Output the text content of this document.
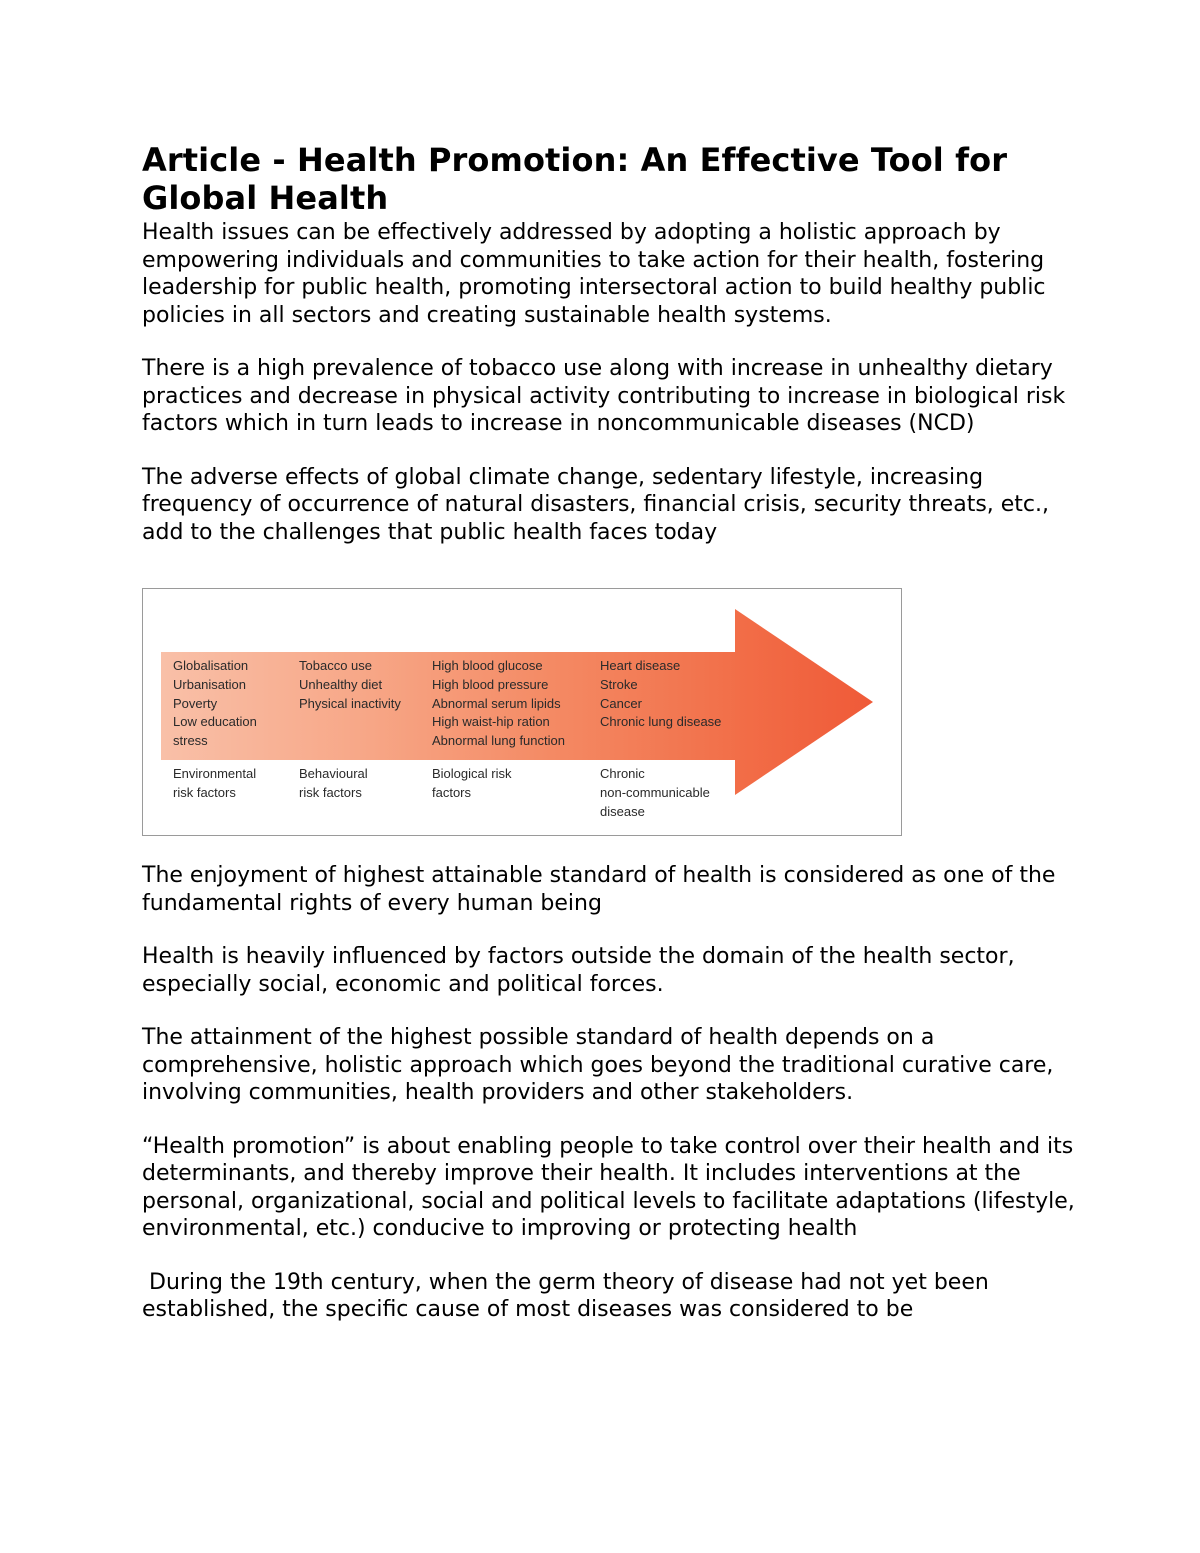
Article - Health Promotion: An Effective Tool for Global Health

Health issues can be effectively addressed by adopting a holistic approach by empowering individuals and communities to take action for their health, fostering leadership for public health, promoting intersectoral action to build healthy public policies in all sectors and creating sustainable health systems.

There is a high prevalence of tobacco use along with increase in unhealthy dietary practices and decrease in physical activity contributing to increase in biological risk factors which in turn leads to increase in noncommunicable diseases (NCD)

The adverse effects of global climate change, sedentary lifestyle, increasing frequency of occurrence of natural disasters, financial crisis, security threats, etc., add to the challenges that public health faces today

Globalisation
Urbanisation
Poverty
Low education
stress
Tobacco use
Unhealthy diet
Physical inactivity
High blood glucose
High blood pressure
Abnormal serum lipids
High waist-hip ration
Abnormal lung function
Heart disease
Stroke
Cancer
Chronic lung disease
Environmental
risk factors
Behavioural
risk factors
Biological risk
factors
Chronic
non-communicable
disease

The enjoyment of highest attainable standard of health is considered as one of the fundamental rights of every human being

Health is heavily influenced by factors outside the domain of the health sector, especially social, economic and political forces.

The attainment of the highest possible standard of health depends on a comprehensive, holistic approach which goes beyond the traditional curative care, involving communities, health providers and other stakeholders.

“Health promotion” is about enabling people to take control over their health and its determinants, and thereby improve their health. It includes interventions at the personal, organizational, social and political levels to facilitate adaptations (lifestyle, environmental, etc.) conducive to improving or protecting health

During the 19th century, when the germ theory of disease had not yet been established, the specific cause of most diseases was considered to be
